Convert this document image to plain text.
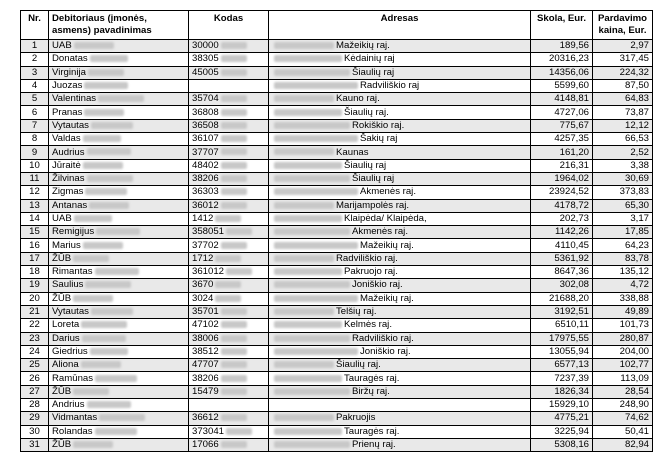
Nr.	Debitoriaus (įmonės, asmens) pavadinimas	Kodas	Adresas	Skola, Eur.	Pardavimo kaina, Eur.
1	UAB	30000	Mažeikių raj.	189,56	2,97
2	Donatas	38305	Kėdainių raj	20316,23	317,45
3	Virginija	45005	Šiaulių raj	14356,06	224,32
4	Juozas		Radviliškio raj	5599,60	87,50
5	Valentinas	35704	Kauno raj.	4148,81	64,83
6	Pranas	36808	Šiaulių raj.	4727,06	73,87
7	Vytautas	36508	Rokiškio raj.	775,67	12,12
8	Valdas	36107	Šakių raj	4257,35	66,53
9	Audrius	37707	Kaunas	161,20	2,52
10	Jūraitė	48402	Šiaulių raj	216,31	3,38
11	Žilvinas	38206	Šiaulių raj	1964,02	30,69
12	Zigmas	36303	Akmenės raj.	23924,52	373,83
13	Antanas	36012	Marijampolės raj.	4178,72	65,30
14	UAB	1412	Klaipėda/ Klaipėda,	202,73	3,17
15	Remigijus	358051	Akmenės raj.	1142,26	17,85
16	Marius	37702	Mažeikių raj.	4110,45	64,23
17	ŽŪB	1712	Radviliškio raj.	5361,92	83,78
18	Rimantas	361012	Pakruojo raj.	8647,36	135,12
19	Saulius	3670	Joniškio raj.	302,08	4,72
20	ŽŪB	3024	Mažeikių raj.	21688,20	338,88
21	Vytautas	35701	Telšių raj.	3192,51	49,89
22	Loreta	47102	Kelmės raj.	6510,11	101,73
23	Darius	38006	Radviliškio raj.	17975,55	280,87
24	Giedrius	38512	Joniškio raj.	13055,94	204,00
25	Aliona	47707	Šiaulių raj.	6577,13	102,77
26	Ramūnas	38206	Tauragės raj.	7237,39	113,09
27	ŽŪB	15479	Biržų raj.	1826,34	28,54
28	Andrius			15929,10	248,90
29	Vidmantas	36612	Pakruojis	4775,21	74,62
30	Rolandas	373041	Tauragės raj.	3225,94	50,41
31	ŽŪB	17066	Prienų raj.	5308,16	82,94
